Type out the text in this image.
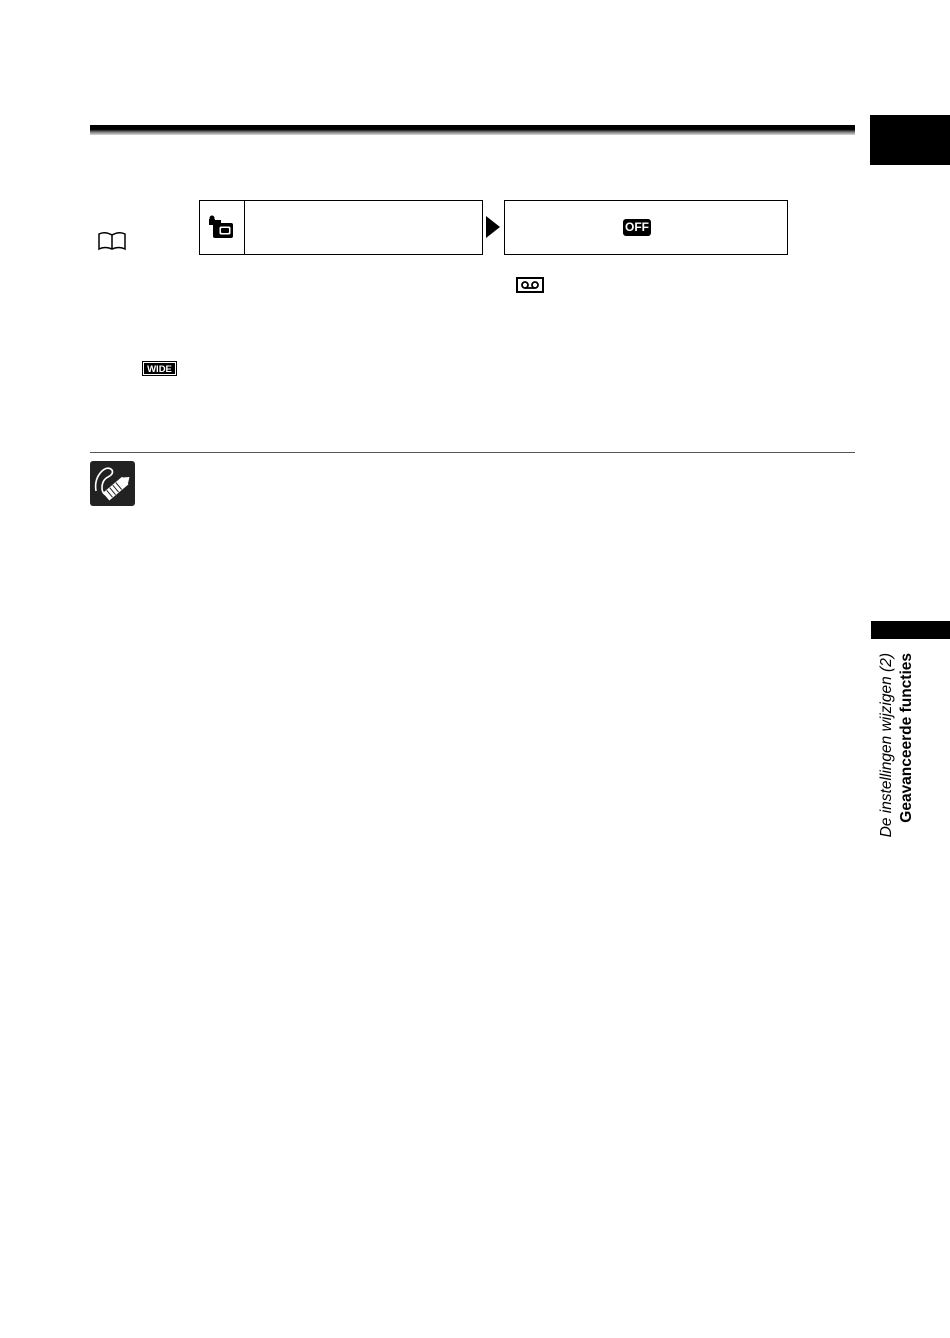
De instellingen wijzigen (2) Geavanceerde functies
OFF
WIDE
